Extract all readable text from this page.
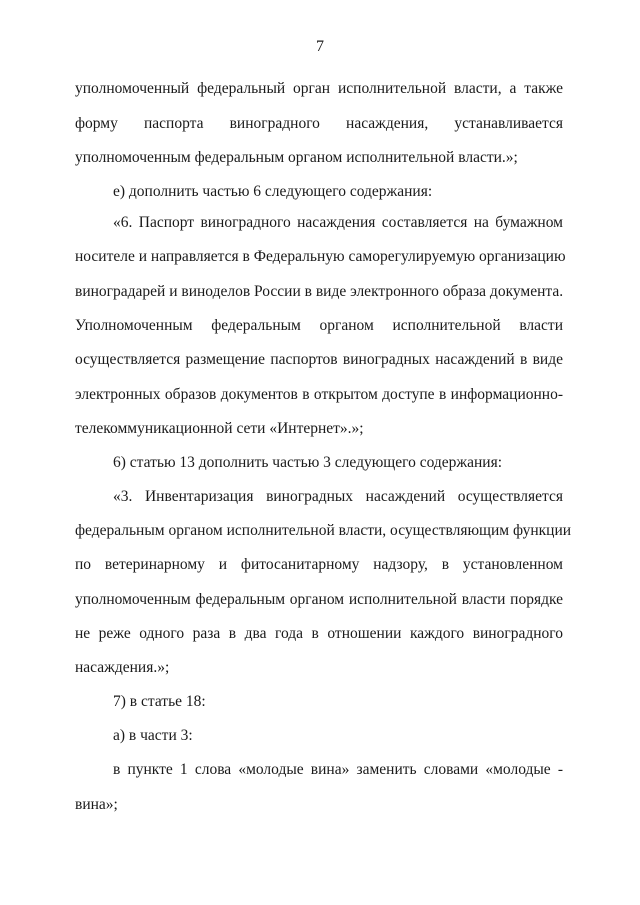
7
уполномоченный федеральный орган исполнительной власти, а также
форму паспорта виноградного насаждения, устанавливается
уполномоченным федеральным органом исполнительной власти.»;
е) дополнить частью 6 следующего содержания:
«6. Паспорт виноградного насаждения составляется на бумажном
носителе и направляется в Федеральную саморегулируемую организацию
виноградарей и виноделов России в виде электронного образа документа.
Уполномоченным федеральным органом исполнительной власти
осуществляется размещение паспортов виноградных насаждений в виде
электронных образов документов в открытом доступе в информационно-
телекоммуникационной сети «Интернет».»;
6) статью 13 дополнить частью 3 следующего содержания:
«3. Инвентаризация виноградных насаждений осуществляется
федеральным органом исполнительной власти, осуществляющим функции
по ветеринарному и фитосанитарному надзору, в установленном
уполномоченным федеральным органом исполнительной власти порядке
не реже одного раза в два года в отношении каждого виноградного
насаждения.»;
7) в статье 18:
а) в части 3:
в пункте 1 слова «молодые вина» заменить словами «молодые -
вина»;
